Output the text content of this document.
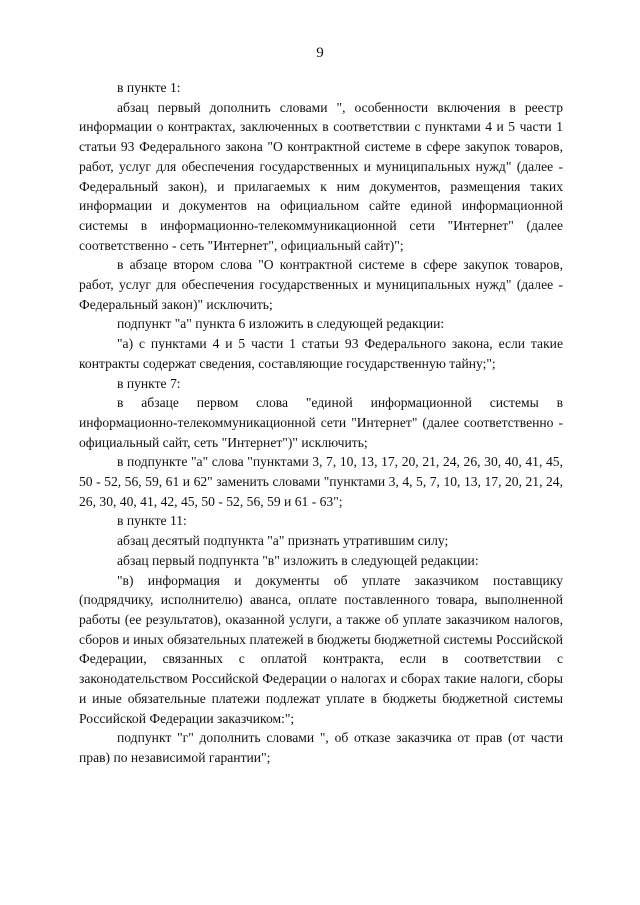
9

в пункте 1:

абзац первый дополнить словами ", особенности включения в реестр информации о контрактах, заключенных в соответствии с пунктами 4 и 5 части 1 статьи 93 Федерального закона "О контрактной системе в сфере закупок товаров, работ, услуг для обеспечения государственных и муниципальных нужд" (далее - Федеральный закон), и прилагаемых к ним документов, размещения таких информации и документов на официальном сайте единой информационной системы в информационно-телекоммуникационной сети "Интернет" (далее соответственно - сеть "Интернет", официальный сайт)";

в абзаце втором слова "О контрактной системе в сфере закупок товаров, работ, услуг для обеспечения государственных и муниципальных нужд" (далее - Федеральный закон)" исключить;

подпункт "а" пункта 6 изложить в следующей редакции:

"а) с пунктами 4 и 5 части 1 статьи 93 Федерального закона, если такие контракты содержат сведения, составляющие государственную тайну;";

в пункте 7:

в абзаце первом слова "единой информационной системы в информационно-телекоммуникационной сети "Интернет" (далее соответственно - официальный сайт, сеть "Интернет")" исключить;

в подпункте "а" слова "пунктами 3, 7, 10, 13, 17, 20, 21, 24, 26, 30, 40, 41, 45, 50 - 52, 56, 59, 61 и 62" заменить словами "пунктами 3, 4, 5, 7, 10, 13, 17, 20, 21, 24, 26, 30, 40, 41, 42, 45, 50 - 52, 56, 59 и 61 - 63";

в пункте 11:

абзац десятый подпункта "а" признать утратившим силу;

абзац первый подпункта "в" изложить в следующей редакции:

"в) информация и документы об уплате заказчиком поставщику (подрядчику, исполнителю) аванса, оплате поставленного товара, выполненной работы (ее результатов), оказанной услуги, а также об уплате заказчиком налогов, сборов и иных обязательных платежей в бюджеты бюджетной системы Российской Федерации, связанных с оплатой контракта, если в соответствии с законодательством Российской Федерации о налогах и сборах такие налоги, сборы и иные обязательные платежи подлежат уплате в бюджеты бюджетной системы Российской Федерации заказчиком:";

подпункт "г" дополнить словами ", об отказе заказчика от прав (от части прав) по независимой гарантии";
